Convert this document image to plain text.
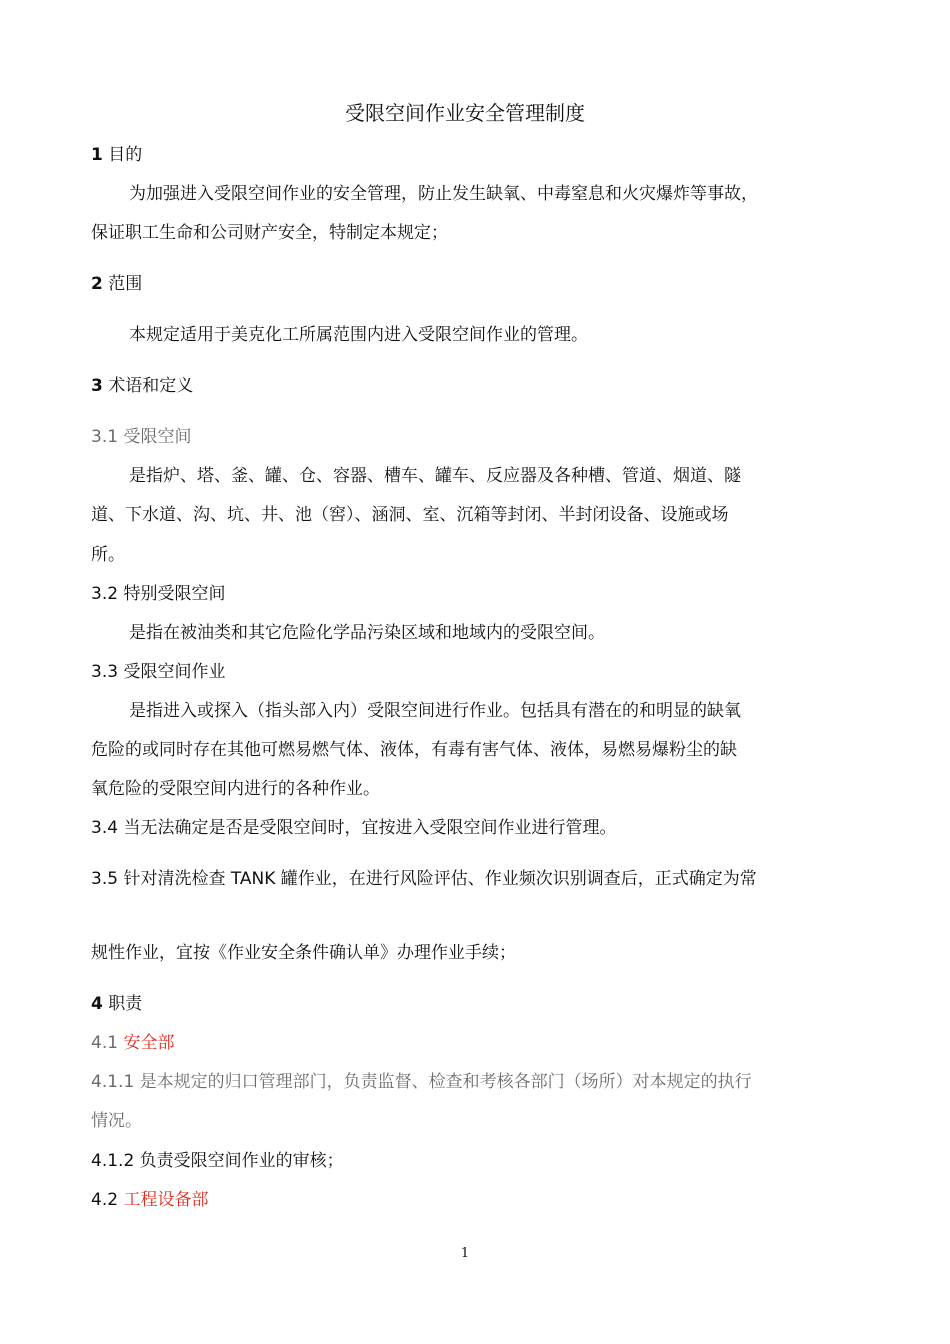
受限空间作业安全管理制度
1 目的
为加强进入受限空间作业的安全管理，防止发生缺氧、中毒窒息和火灾爆炸等事故，
保证职工生命和公司财产安全，特制定本规定；
2 范围
本规定适用于美克化工所属范围内进入受限空间作业的管理。
3 术语和定义
3.1 受限空间
是指炉、塔、釜、罐、仓、容器、槽车、罐车、反应器及各种槽、管道、烟道、隧
道、下水道、沟、坑、井、池（窖）、涵洞、室、沉箱等封闭、半封闭设备、设施或场
所。
3.2 特别受限空间
是指在被油类和其它危险化学品污染区域和地域内的受限空间。
3.3 受限空间作业
是指进入或探入（指头部入内）受限空间进行作业。包括具有潜在的和明显的缺氧
危险的或同时存在其他可燃易燃气体、液体，有毒有害气体、液体，易燃易爆粉尘的缺
氧危险的受限空间内进行的各种作业。
3.4 当无法确定是否是受限空间时，宜按进入受限空间作业进行管理。
3.5 针对清洗检查 TANK 罐作业，在进行风险评估、作业频次识别调查后，正式确定为常
规性作业，宜按《作业安全条件确认单》办理作业手续；
4 职责
4.1 安全部
4.1.1 是本规定的归口管理部门，负责监督、检查和考核各部门（场所）对本规定的执行
情况。
4.1.2 负责受限空间作业的审核；
4.2 工程设备部
1
